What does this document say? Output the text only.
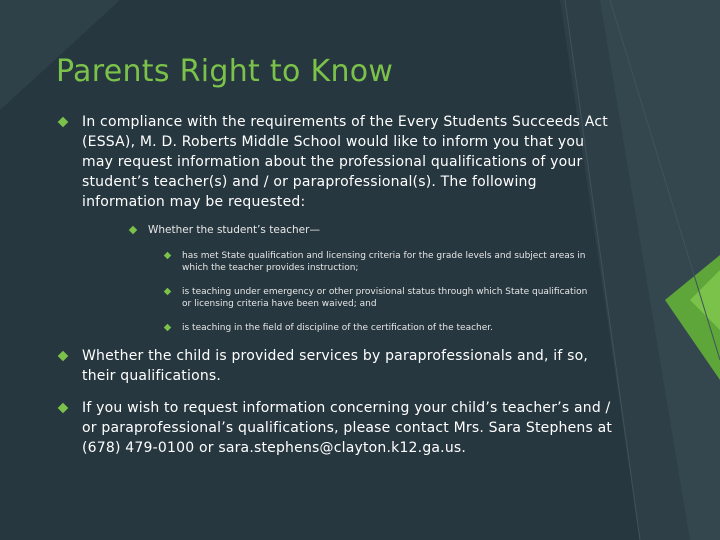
Parents Right to Know
In compliance with the requirements of the Every Students Succeeds Act (ESSA), M. D. Roberts Middle School would like to inform you that you may request information about the professional qualifications of your student’s teacher(s) and / or paraprofessional(s). The following information may be requested:
Whether the student’s teacher—
has met State qualification and licensing criteria for the grade levels and subject areas in which the teacher provides instruction;
is teaching under emergency or other provisional status through which State qualification or licensing criteria have been waived; and
is teaching in the field of discipline of the certification of the teacher.
Whether the child is provided services by paraprofessionals and, if so, their qualifications.
If you wish to request information concerning your child’s teacher’s and / or paraprofessional’s qualifications, please contact Mrs. Sara Stephens at (678) 479-0100 or sara.stephens@clayton.k12.ga.us.
